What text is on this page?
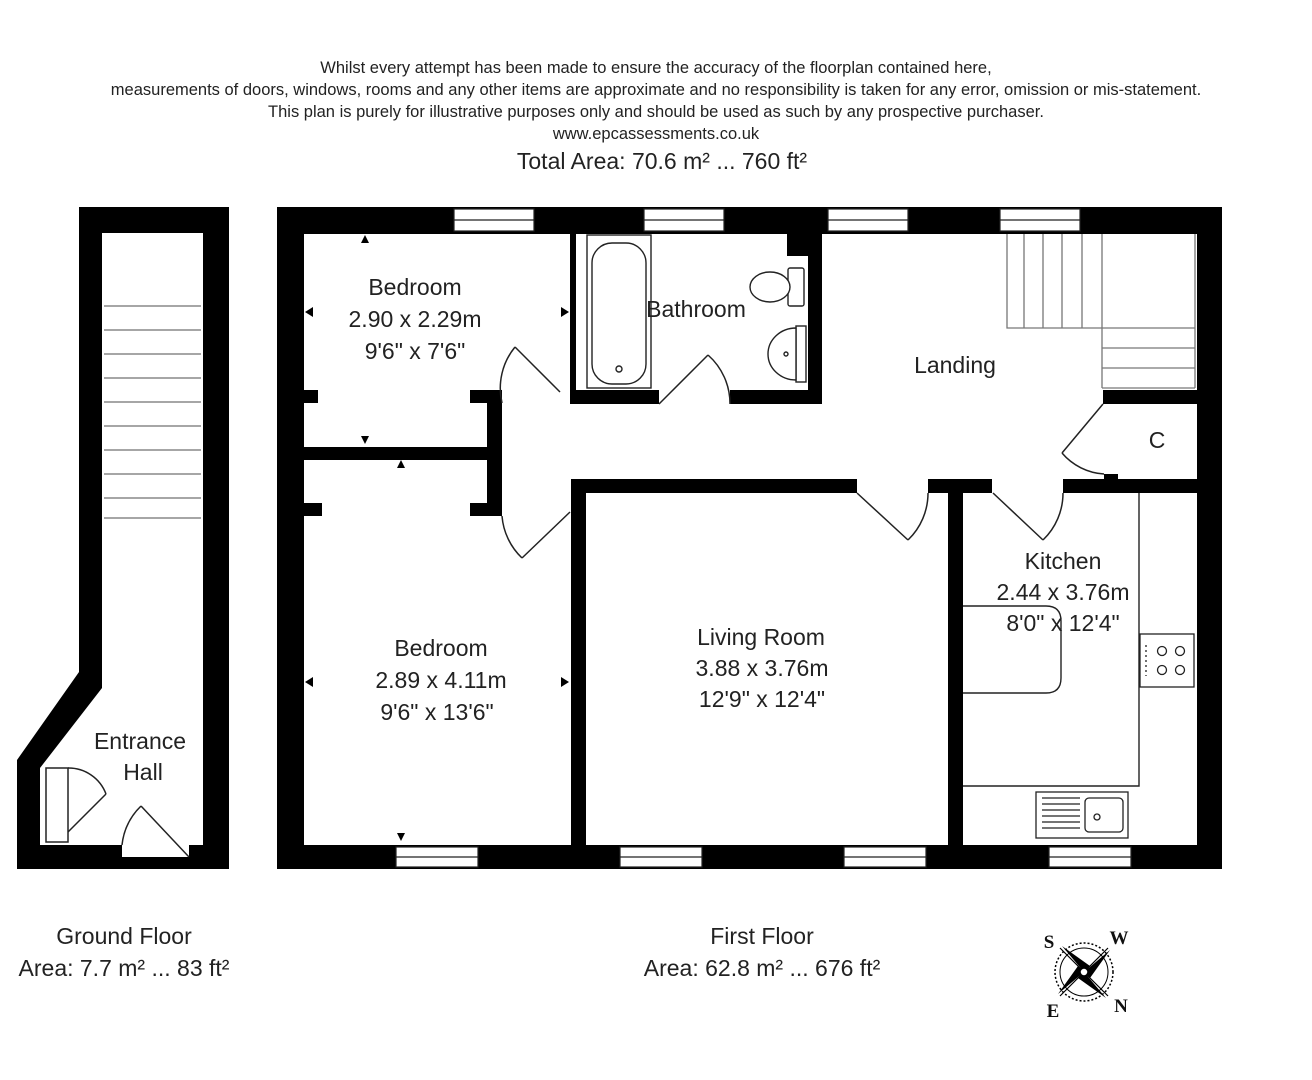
Whilst every attempt has been made to ensure the accuracy of the floorplan contained here,
measurements of doors, windows, rooms and any other items are approximate and no responsibility is taken for any error, omission or mis-statement.
This plan is purely for illustrative purposes only and should be used as such by any prospective purchaser.
www.epcassessments.co.uk
Total Area: 70.6 m² ... 760 ft²
Entrance
Hall
Bedroom
2.90 x 2.29m
9'6" x 7'6"
Bathroom
Landing
C
Bedroom
2.89 x 4.11m
9'6" x 13'6"
Living Room
3.88 x 3.76m
12'9" x 12'4"
Kitchen
2.44 x 3.76m
8'0" x 12'4"
S	W
E	N
Ground Floor
Area: 7.7 m² ... 83 ft²
First Floor
Area: 62.8 m² ... 676 ft²
